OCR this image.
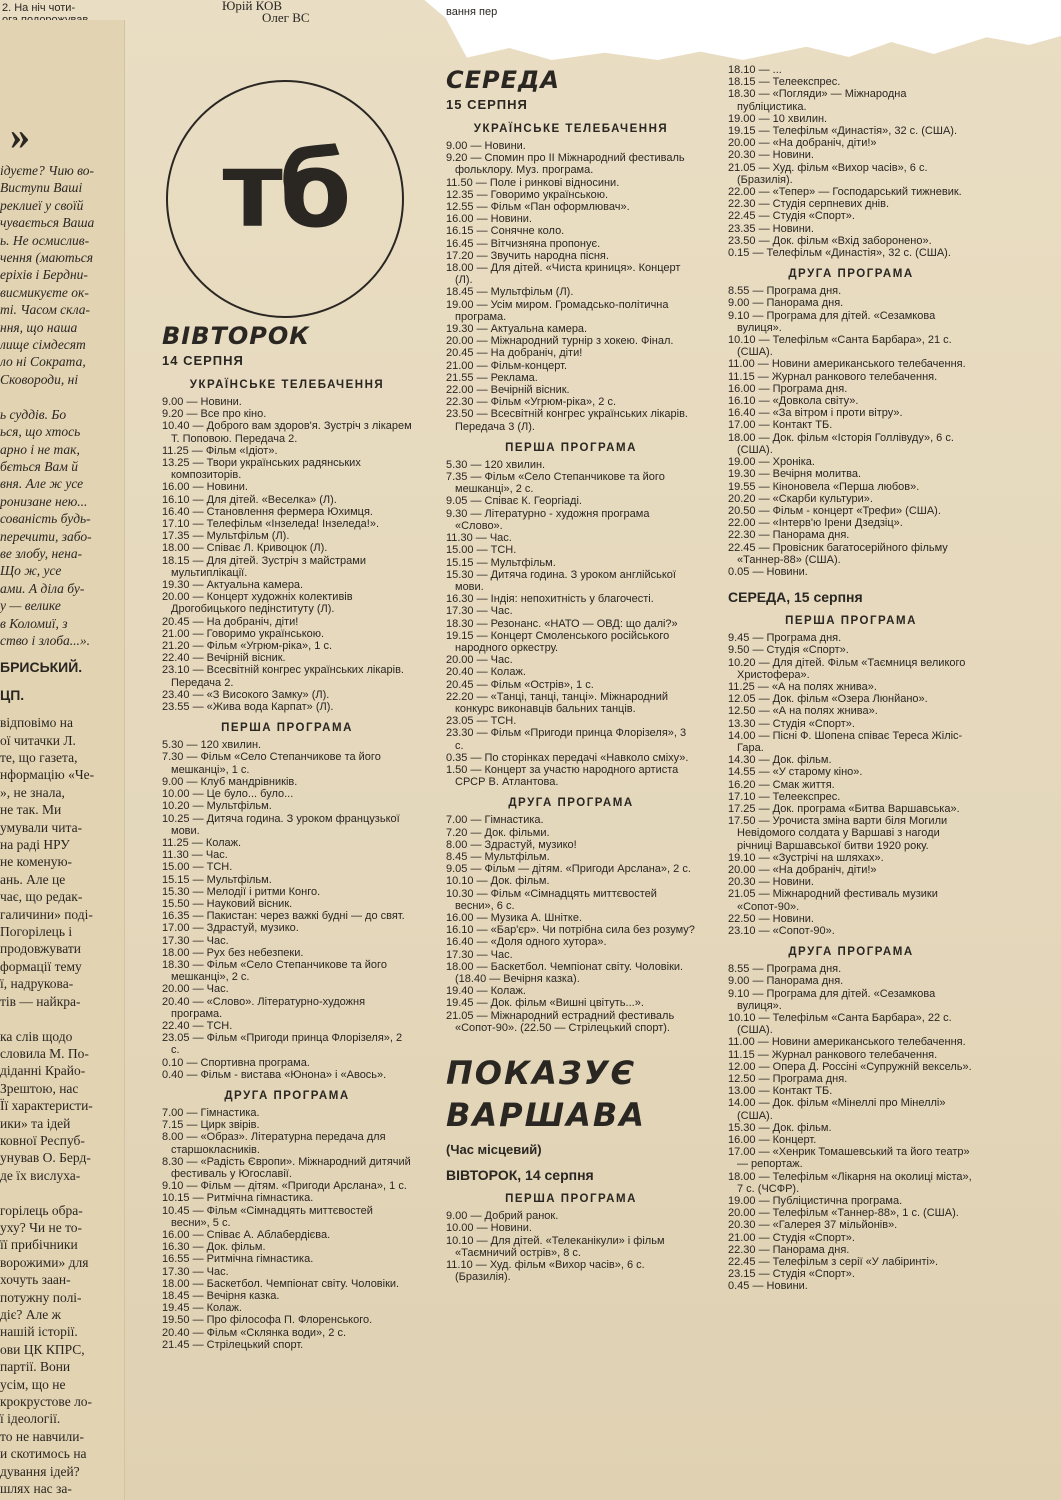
2. На ніч чоти-	Юрій КОВ
Олег ВС	вання пер
»

ідуєте? Чию во-

Виступи Ваші

реклиеї у своїй

чувається Ваша

ь. Не осмислив-

чення (маються

еріхів і Бердни-

висмикуєте ок-

ті. Часом скла-

ння, що наша

лище сімдесят

ло ні Сократа,

Сковороди, ні

ь суддів. Бо

ься, що хтось

арно і не так,

бється Вам й

вня. Але ж усе

ронизане нею...

сованість будь-

перечити, забо-

ве злобу, нена-

Що ж, усе

ами. А діла бу-

у — велике

в Коломиї, з

ство і злоба...».

БРИСЬКИЙ.
ЦП.

відповімо на

ої читачки Л.

те, що газета,

нформацію «Че-

», не знала,

не так. Ми

умували чита-

на раді НРУ

не коменую-

ань. Але це

чає, що редак-

галичини» поді-

Погорілець і

продовжувати

формації тему

ї, надрукова-

тів — найкра-

ка слів щодо

словила М. По-

діданні Крайо-

Зрештою, нас

Її характеристи-

ики» та ідей

ковної Респуб-

унував О. Берд-

де їх вислуха-

горілець обра-

уху? Чи не то-

її прибічники

ворожими» для

хочуть заан-

потужну полі-

діє? Але ж

нашій історії.

ови ЦК КПРС,

партії. Вони

усім, що не

крокрустове ло-

ї ідеології.

то не навчили-

и скотимось на

дування ідей?

шлях нас за-

тб
ВІВТОРОК
14 СЕРПНЯ
УКРАЇНСЬКЕ ТЕЛЕБАЧЕННЯ

9.00 — Новини.

9.20 — Все про кіно.

10.40 — Доброго вам здоров'я. Зустріч з лікарем Т. Поповою. Передача 2.

11.25 — Фільм «Ідіот».

13.25 — Твори українських радянських композиторів.

16.00 — Новини.

16.10 — Для дітей. «Веселка» (Л).

16.40 — Становлення фермера Юхимця.

17.10 — Телефільм «Інзеледа! Інзеледа!».

17.35 — Мультфільм (Л).

18.00 — Співає Л. Кривоцюк (Л).

18.15 — Для дітей. Зустріч з майстрами мультиплікації.

19.30 — Актуальна камера.

20.00 — Концерт художніх колективів Дрогобицького педінституту (Л).

20.45 — На добраніч, діти!

21.00 — Говоримо українською.

21.20 — Фільм «Угрюм-ріка», 1 с.

22.40 — Вечірній вісник.

23.10 — Всесвітній конгрес українських лікарів. Передача 2.

23.40 — «З Високого Замку» (Л).

23.55 — «Жива вода Карпат» (Л).

ПЕРША ПРОГРАМА

5.30 — 120 хвилин.

7.30 — Фільм «Село Степанчикове та його мешканці», 1 с.

9.00 — Клуб мандрівників.

10.00 — Це було... було...

10.20 — Мультфільм.

10.25 — Дитяча година. З уроком французької мови.

11.25 — Колаж.

11.30 — Час.

15.00 — ТСН.

15.15 — Мультфільм.

15.30 — Мелодії і ритми Конго.

15.50 — Науковий вісник.

16.35 — Пакистан: через важкі будні — до свят.

17.00 — Здрастуй, музико.

17.30 — Час.

18.00 — Рух без небезпеки.

18.30 — Фільм «Село Степанчикове та його мешканці», 2 с.

20.00 — Час.

20.40 — «Слово». Літературно-художня програма.

22.40 — ТСН.

23.05 — Фільм «Пригоди принца Флорізеля», 2 с.

0.10 — Спортивна програма.

0.40 — Фільм - вистава «Юнона» і «Авось».

ДРУГА ПРОГРАМА

7.00 — Гімнастика.

7.15 — Цирк звірів.

8.00 — «Образ». Літературна передача для старшокласників.

8.30 — «Радість Європи». Міжнародний дитячий фестиваль у Югославії.

9.10 — Фільм — дітям. «Пригоди Арслана», 1 с.

10.15 — Ритмічна гімнастика.

10.45 — Фільм «Сімнадцять миттєвостей весни», 5 с.

16.00 — Співає А. Аблабердієва.

16.30 — Док. фільм.

16.55 — Ритмічна гімнастика.

17.30 — Час.

18.00 — Баскетбол. Чемпіонат світу. Чоловіки.

18.45 — Вечірня казка.

19.45 — Колаж.

19.50 — Про філософа П. Флоренського.

20.40 — Фільм «Склянка води», 2 с.

21.45 — Стрілецький спорт.

СЕРЕДА
15 СЕРПНЯ
УКРАЇНСЬКЕ ТЕЛЕБАЧЕННЯ

9.00 — Новини.

9.20 — Спомин про II Міжнародний фестиваль фольклору. Муз. програма.

11.50 — Поле і ринкові відносини.

12.35 — Говоримо українською.

12.55 — Фільм «Пан оформлювач».

16.00 — Новини.

16.15 — Сонячне коло.

16.45 — Вітчизняна пропонує.

17.20 — Звучить народна пісня.

18.00 — Для дітей. «Чиста криниця». Концерт (Л).

18.45 — Мультфільм (Л).

19.00 — Усім миром. Громадсько-політична програма.

19.30 — Актуальна камера.

20.00 — Міжнародний турнір з хокею. Фінал.

20.45 — На добраніч, діти!

21.00 — Фільм-концерт.

21.55 — Реклама.

22.00 — Вечірній вісник.

22.30 — Фільм «Угрюм-ріка», 2 с.

23.50 — Всесвітній конгрес українських лікарів. Передача 3 (Л).

ПЕРША ПРОГРАМА

5.30 — 120 хвилин.

7.35 — Фільм «Село Степанчикове та його мешканці», 2 с.

9.05 — Співає К. Георгіаді.

9.30 — Літературно - художня програма «Слово».

11.30 — Час.

15.00 — ТСН.

15.15 — Мультфільм.

15.30 — Дитяча година. З уроком англійської мови.

16.30 — Індія: непохитність у благочесті.

17.30 — Час.

18.30 — Резонанс. «НАТО — ОВД: що далі?»

19.15 — Концерт Смоленського російського народного оркестру.

20.00 — Час.

20.40 — Колаж.

20.45 — Фільм «Острів», 1 с.

22.20 — «Танці, танці, танці». Міжнародний конкурс виконавців бальних танців.

23.05 — ТСН.

23.30 — Фільм «Пригоди принца Флорізеля», 3 с.

0.35 — По сторінках передачі «Навколо сміху».

1.50 — Концерт за участю народного артиста СРСР В. Атлантова.

ДРУГА ПРОГРАМА

7.00 — Гімнастика.

7.20 — Док. фільми.

8.00 — Здрастуй, музико!

8.45 — Мультфільм.

9.05 — Фільм — дітям. «Пригоди Арслана», 2 с.

10.10 — Док. фільм.

10.30 — Фільм «Сімнадцять миттєвостей весни», 6 с.

16.00 — Музика А. Шнітке.

16.10 — «Бар'єр». Чи потрібна сила без розуму?

16.40 — «Доля одного хутора».

17.30 — Час.

18.00 — Баскетбол. Чемпіонат світу. Чоловіки. (18.40 — Вечірня казка).

19.40 — Колаж.

19.45 — Док. фільм «Вишні цвітуть...».

21.05 — Міжнародний естрадний фестиваль «Сопот-90». (22.50 — Стрілецький спорт).

ПОКАЗУЄ
ВАРШАВА
(Час місцевий)
ВІВТОРОК, 14 серпня
ПЕРША ПРОГРАМА

9.00 — Добрий ранок.

10.00 — Новини.

10.10 — Для дітей. «Телеканікули» і фільм «Таємничий острів», 8 с.

11.10 — Худ. фільм «Вихор часів», 6 с. (Бразилія).

18.10 — ...

18.15 — Телеекспрес.

18.30 — «Погляди» — Міжнародна публіцистика.

19.00 — 10 хвилин.

19.15 — Телефільм «Династія», 32 с. (США).

20.00 — «На добраніч, діти!»

20.30 — Новини.

21.05 — Худ. фільм «Вихор часів», 6 с. (Бразилія).

22.00 — «Тепер» — Господарський тижневик.

22.30 — Студія серпневих днів.

22.45 — Студія «Спорт».

23.35 — Новини.

23.50 — Док. фільм «Вхід заборонено».

0.15 — Телефільм «Династія», 32 с. (США).

ДРУГА ПРОГРАМА

8.55 — Програма дня.

9.00 — Панорама дня.

9.10 — Програма для дітей. «Сезамкова вулиця».

10.10 — Телефільм «Санта Барбара», 21 с. (США).

11.00 — Новини американського телебачення.

11.15 — Журнал ранкового телебачення.

16.00 — Програма дня.

16.10 — «Довкола світу».

16.40 — «За вітром і проти вітру».

17.00 — Контакт ТБ.

18.00 — Док. фільм «Історія Голлівуду», 6 с. (США).

19.00 — Хроніка.

19.30 — Вечірня молитва.

19.55 — Кіноновела «Перша любов».

20.20 — «Скарби культури».

20.50 — Фільм - концерт «Трефи» (США).

22.00 — «Інтерв'ю Ірени Дзедзіц».

22.30 — Панорама дня.

22.45 — Провісник багатосерійного фільму «Таннер-88» (США).

0.05 — Новини.

СЕРЕДА, 15 серпня
ПЕРША ПРОГРАМА

9.45 — Програма дня.

9.50 — Студія «Спорт».

10.20 — Для дітей. Фільм «Таємниця великого Христофера».

11.25 — «А на полях жнива».

12.05 — Док. фільм «Озера Люнйано».

12.50 — «А на полях жнива».

13.30 — Студія «Спорт».

14.00 — Пісні Ф. Шопена співає Тереса Жіліс-Гара.

14.30 — Док. фільм.

14.55 — «У старому кіно».

16.20 — Смак життя.

17.10 — Телеекспрес.

17.25 — Док. програма «Битва Варшавська».

17.50 — Урочиста зміна варти біля Могили Невідомого солдата у Варшаві з нагоди річниці Варшавської битви 1920 року.

19.10 — «Зустрічі на шляхах».

20.00 — «На добраніч, діти!»

20.30 — Новини.

21.05 — Міжнародний фестиваль музики «Сопот-90».

22.50 — Новини.

23.10 — «Сопот-90».

ДРУГА ПРОГРАМА

8.55 — Програма дня.

9.00 — Панорама дня.

9.10 — Програма для дітей. «Сезамкова вулиця».

10.10 — Телефільм «Санта Барбара», 22 с. (США).

11.00 — Новини американського телебачення.

11.15 — Журнал ранкового телебачення.

12.00 — Опера Д. Россіні «Супружній вексель».

12.50 — Програма дня.

13.00 — Контакт ТБ.

14.00 — Док. фільм «Мінеллі про Мінеллі» (США).

15.30 — Док. фільм.

16.00 — Концерт.

17.00 — «Хенрик Томашевський та його театр» — репортаж.

18.00 — Телефільм «Лікарня на околиці міста», 7 с. (ЧСФР).

19.00 — Публіцистична програма.

20.00 — Телефільм «Таннер-88», 1 с. (США).

20.30 — «Галерея 37 мільйонів».

21.00 — Студія «Спорт».

22.30 — Панорама дня.

22.45 — Телефільм з серії «У лабіринті».

23.15 — Студія «Спорт».

0.45 — Новини.
